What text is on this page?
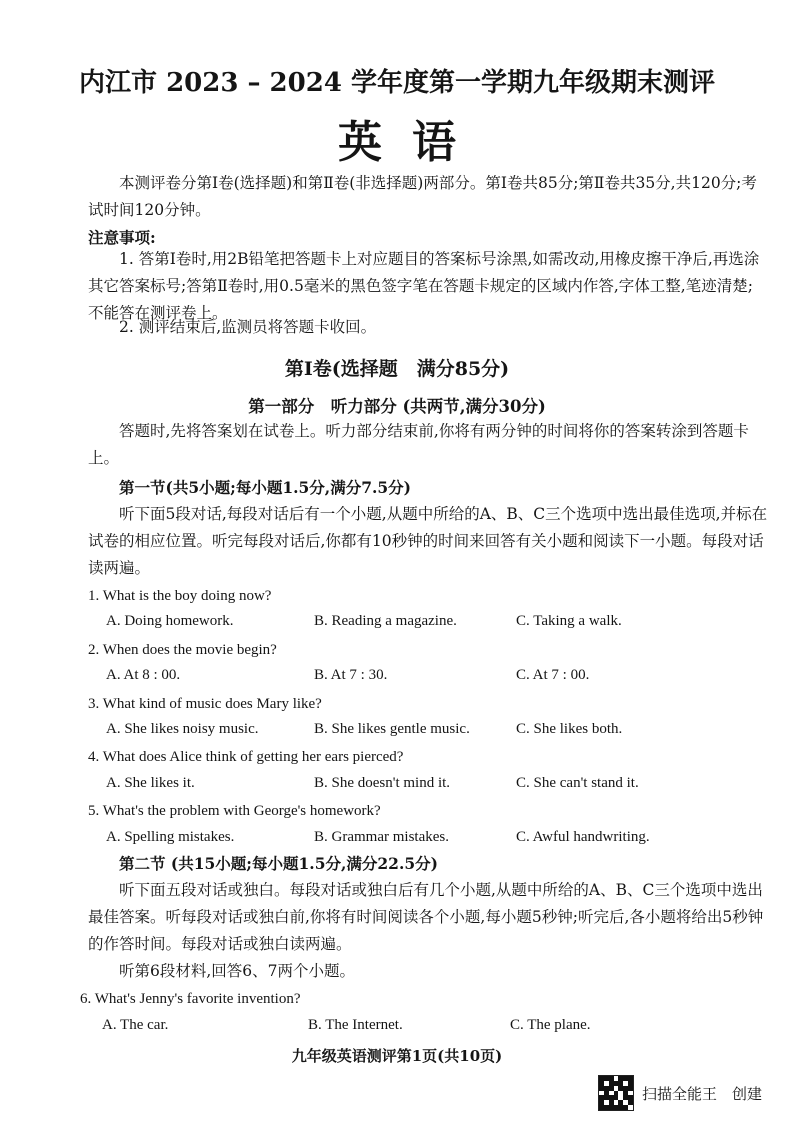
内江市 2023 – 2024 学年度第一学期九年级期末测评
英语
本测评卷分第Ⅰ卷(选择题)和第Ⅱ卷(非选择题)两部分。第Ⅰ卷共85分;第Ⅱ卷共35分,共120分;考试时间120分钟。
注意事项:
1. 答第Ⅰ卷时,用2B铅笔把答题卡上对应题目的答案标号涂黑,如需改动,用橡皮擦干净后,再选涂其它答案标号;答第Ⅱ卷时,用0.5毫米的黑色签字笔在答题卡规定的区域内作答,字体工整,笔迹清楚;不能答在测评卷上。
2. 测评结束后,监测员将答题卡收回。
第Ⅰ卷(选择题　满分85分)
第一部分　听力部分 (共两节,满分30分)
答题时,先将答案划在试卷上。听力部分结束前,你将有两分钟的时间将你的答案转涂到答题卡上。
第一节(共5小题;每小题1.5分,满分7.5分)
听下面5段对话,每段对话后有一个小题,从题中所给的A、B、C三个选项中选出最佳选项,并标在试卷的相应位置。听完每段对话后,你都有10秒钟的时间来回答有关小题和阅读下一小题。每段对话读两遍。
1. What is the boy doing now?
A. Doing homework.	B. Reading a magazine.	C. Taking a walk.
2. When does the movie begin?
A. At 8 : 00.	B. At 7 : 30.	C. At 7 : 00.
3. What kind of music does Mary like?
A. She likes noisy music.	B. She likes gentle music.	C. She likes both.
4. What does Alice think of getting her ears pierced?
A. She likes it.	B. She doesn't mind it.	C. She can't stand it.
5. What's the problem with George's homework?
A. Spelling mistakes.	B. Grammar mistakes.	C. Awful handwriting.
第二节 (共15小题;每小题1.5分,满分22.5分)
听下面五段对话或独白。每段对话或独白后有几个小题,从题中所给的A、B、C三个选项中选出最佳答案。听每段对话或独白前,你将有时间阅读各个小题,每小题5秒钟;听完后,各小题将给出5秒钟的作答时间。每段对话或独白读两遍。
听第6段材料,回答6、7两个小题。
6. What's Jenny's favorite invention?
A. The car.	B. The Internet.	C. The plane.
九年级英语测评第1页(共10页)
扫描全能王　创建
